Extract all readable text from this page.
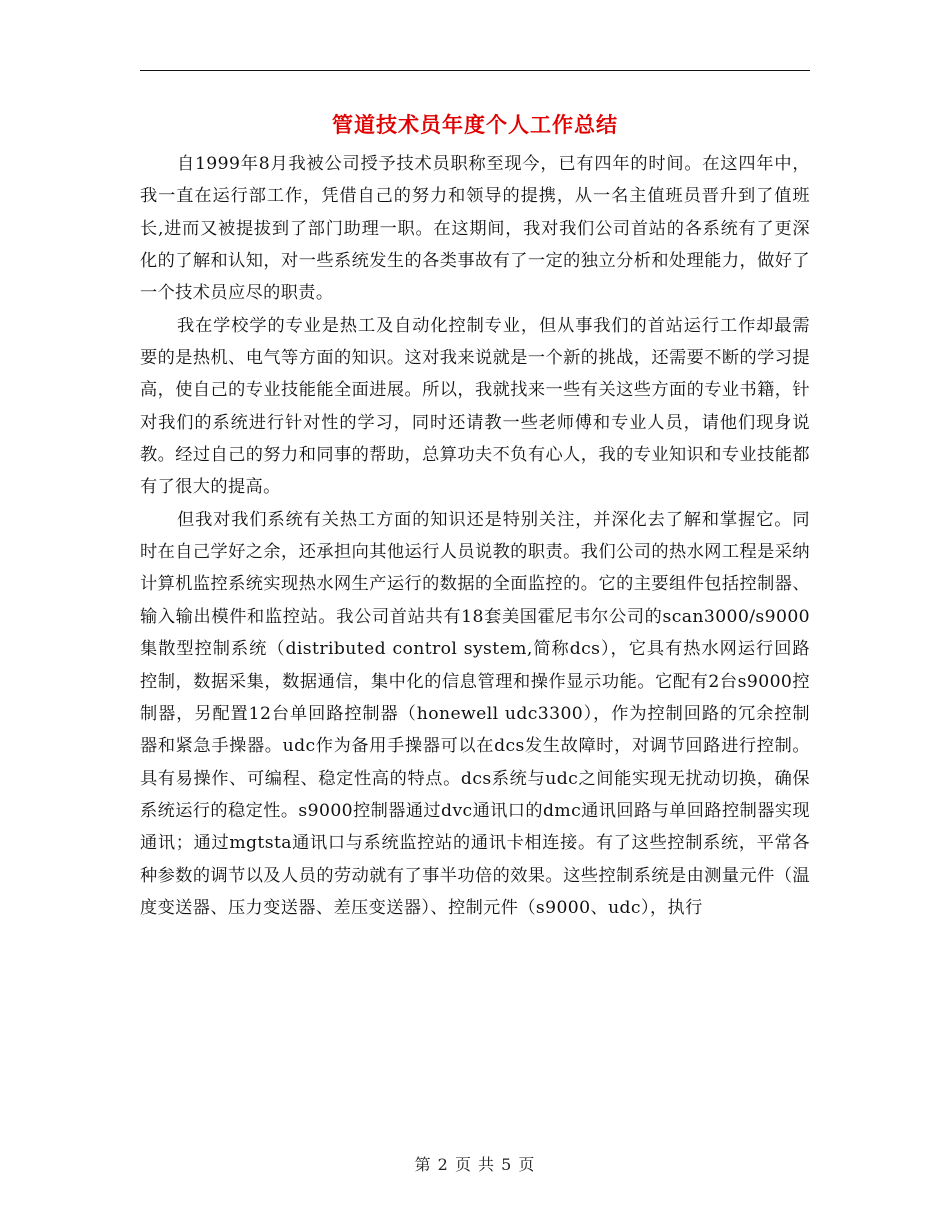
管道技术员年度个人工作总结

自1999年8月我被公司授予技术员职称至现今，已有四年的时间。在这四年中，我一直在运行部工作，凭借自己的努力和领导的提携，从一名主值班员晋升到了值班长,进而又被提拔到了部门助理一职。在这期间，我对我们公司首站的各系统有了更深化的了解和认知，对一些系统发生的各类事故有了一定的独立分析和处理能力，做好了一个技术员应尽的职责。

我在学校学的专业是热工及自动化控制专业，但从事我们的首站运行工作却最需要的是热机、电气等方面的知识。这对我来说就是一个新的挑战，还需要不断的学习提高，使自己的专业技能能全面进展。所以，我就找来一些有关这些方面的专业书籍，针对我们的系统进行针对性的学习，同时还请教一些老师傅和专业人员，请他们现身说教。经过自己的努力和同事的帮助，总算功夫不负有心人，我的专业知识和专业技能都有了很大的提高。

但我对我们系统有关热工方面的知识还是特别关注，并深化去了解和掌握它。同时在自己学好之余，还承担向其他运行人员说教的职责。我们公司的热水网工程是采纳计算机监控系统实现热水网生产运行的数据的全面监控的。它的主要组件包括控制器、输入输出模件和监控站。我公司首站共有18套美国霍尼韦尔公司的scan3000/s9000集散型控制系统（distributed control system,简称dcs），它具有热水网运行回路控制，数据采集，数据通信，集中化的信息管理和操作显示功能。它配有2台s9000控制器，另配置12台单回路控制器（honewell udc3300），作为控制回路的冗余控制器和紧急手操器。udc作为备用手操器可以在dcs发生故障时，对调节回路进行控制。具有易操作、可编程、稳定性高的特点。dcs系统与udc之间能实现无扰动切换，确保系统运行的稳定性。s9000控制器通过dvc通讯口的dmc通讯回路与单回路控制器实现通讯；通过mgtsta通讯口与系统监控站的通讯卡相连接。有了这些控制系统，平常各种参数的调节以及人员的劳动就有了事半功倍的效果。这些控制系统是由测量元件（温度变送器、压力变送器、差压变送器）、控制元件（s9000、udc），执行

第 2 页 共 5 页
